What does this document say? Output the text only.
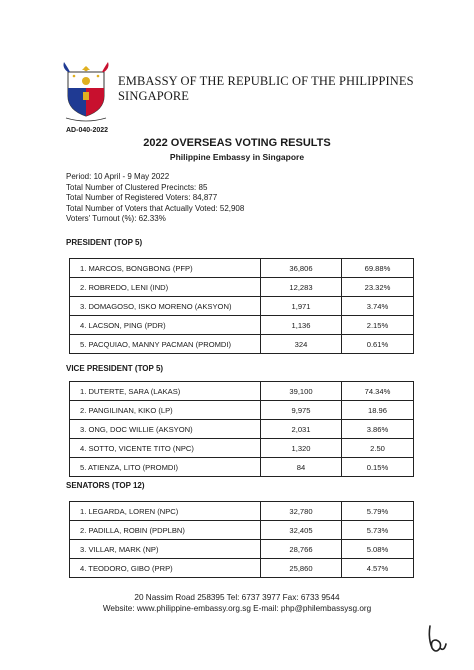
EMBASSY OF THE REPUBLIC OF THE PHILIPPINES
SINGAPORE
AD-040-2022
2022 OVERSEAS VOTING RESULTS
Philippine Embassy in Singapore
Period: 10 April - 9 May 2022
Total Number of Clustered Precincts: 85
Total Number of Registered Voters: 84,877
Total Number of Voters that Actually Voted: 52,908
Voters' Turnout (%): 62.33%
PRESIDENT (TOP 5)
1. MARCOS, BONGBONG (PFP)	36,806	69.88%
2. ROBREDO, LENI (IND)	12,283	23.32%
3. DOMAGOSO, ISKO MORENO (AKSYON)	1,971	3.74%
4. LACSON, PING (PDR)	1,136	2.15%
5. PACQUIAO, MANNY PACMAN (PROMDI)	324	0.61%
VICE PRESIDENT (TOP 5)
1. DUTERTE, SARA (LAKAS)	39,100	74.34%
2. PANGILINAN, KIKO (LP)	9,975	18.96
3. ONG, DOC WILLIE (AKSYON)	2,031	3.86%
4. SOTTO, VICENTE TITO (NPC)	1,320	2.50
5. ATIENZA, LITO (PROMDI)	84	0.15%
SENATORS (TOP 12)
1. LEGARDA, LOREN (NPC)	32,780	5.79%
2. PADILLA, ROBIN (PDPLBN)	32,405	5.73%
3. VILLAR, MARK (NP)	28,766	5.08%
4. TEODORO, GIBO (PRP)	25,860	4.57%
20 Nassim Road 258395 Tel: 6737 3977 Fax: 6733 9544
Website: www.philippine-embassy.org.sg E-mail: php@philembassysg.org
